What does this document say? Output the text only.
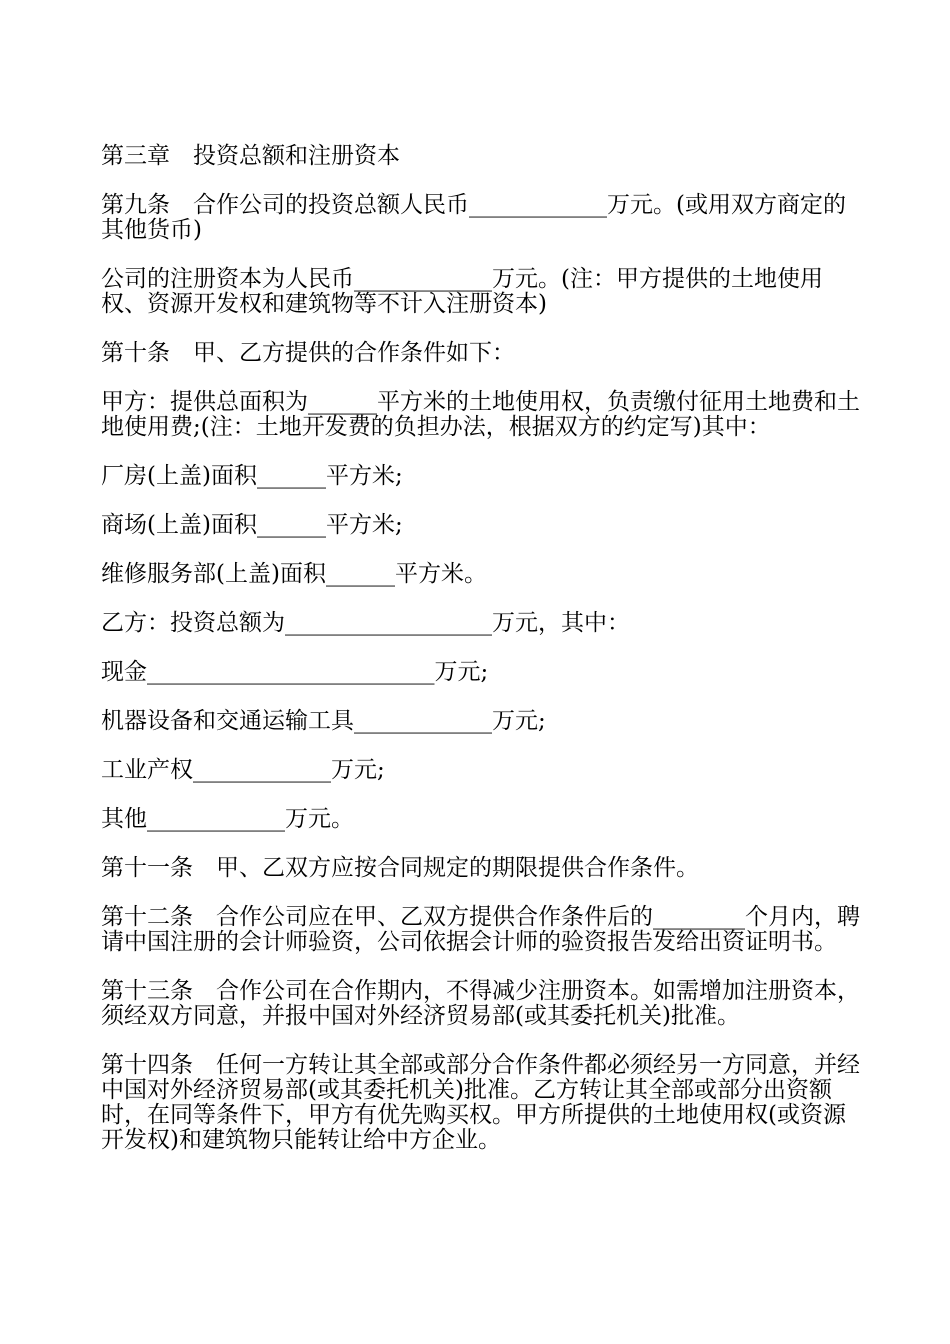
第三章　投资总额和注册资本

第九条　合作公司的投资总额人民币____________万元。(或用双方商定的其他货币)

公司的注册资本为人民币____________万元。(注：甲方提供的土地使用权、资源开发权和建筑物等不计入注册资本)

第十条　甲、乙方提供的合作条件如下：

甲方：提供总面积为______平方米的土地使用权，负责缴付征用土地费和土地使用费;(注：土地开发费的负担办法，根据双方的约定写)其中：

厂房(上盖)面积______平方米;

商场(上盖)面积______平方米;

维修服务部(上盖)面积______平方米。

乙方：投资总额为__________________万元，其中：

现金_________________________万元;

机器设备和交通运输工具____________万元;

工业产权____________万元;

其他____________万元。

第十一条　甲、乙双方应按合同规定的期限提供合作条件。

第十二条　合作公司应在甲、乙双方提供合作条件后的________个月内，聘请中国注册的会计师验资，公司依据会计师的验资报告发给出资证明书。

第十三条　合作公司在合作期内，不得减少注册资本。如需增加注册资本，须经双方同意，并报中国对外经济贸易部(或其委托机关)批准。

第十四条　任何一方转让其全部或部分合作条件都必须经另一方同意，并经中国对外经济贸易部(或其委托机关)批准。乙方转让其全部或部分出资额时，在同等条件下，甲方有优先购买权。甲方所提供的土地使用权(或资源开发权)和建筑物只能转让给中方企业。
